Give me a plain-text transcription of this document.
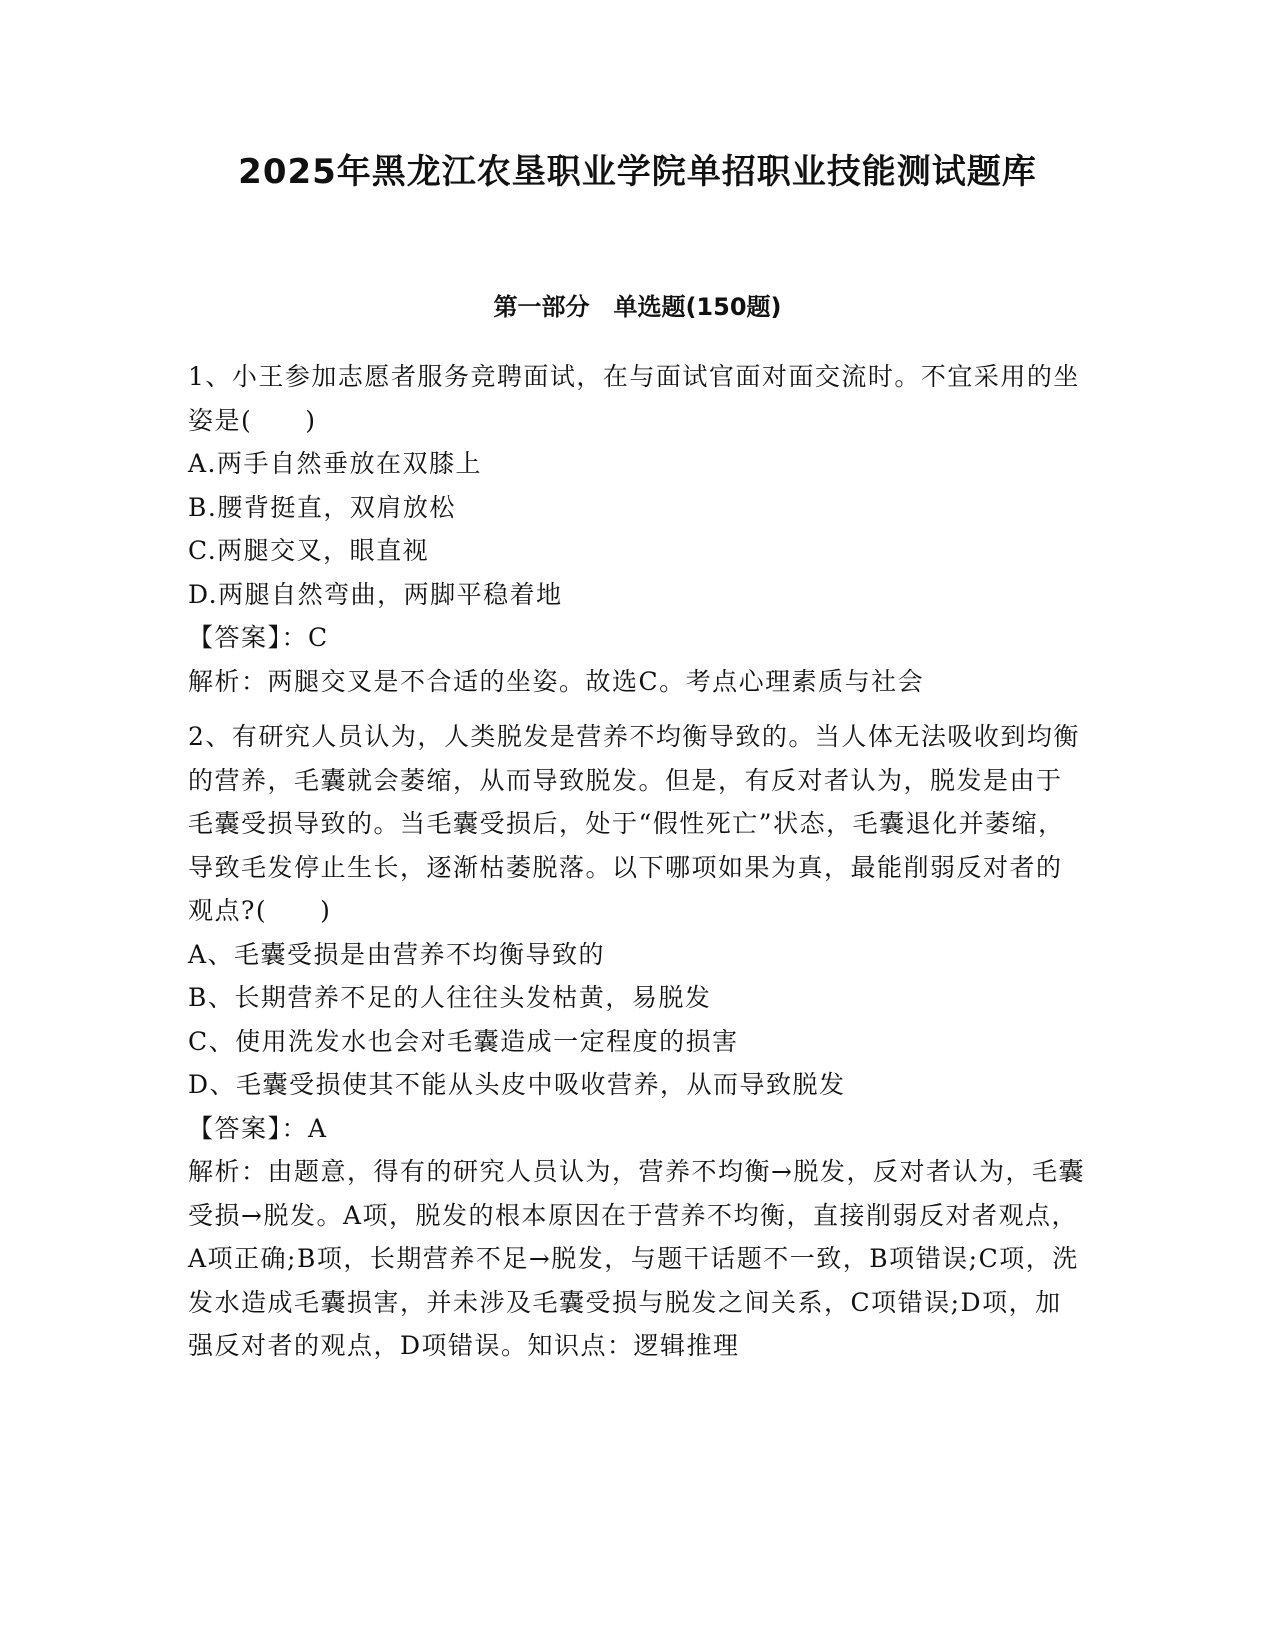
2025年黑龙江农垦职业学院单招职业技能测试题库
第一部分　单选题(150题)
1、小王参加志愿者服务竞聘面试，在与面试官面对面交流时。不宜采用的坐姿是(　　)
A.两手自然垂放在双膝上
B.腰背挺直，双肩放松
C.两腿交叉，眼直视
D.两腿自然弯曲，两脚平稳着地
【答案】：C
解析：两腿交叉是不合适的坐姿。故选C。考点心理素质与社会
2、有研究人员认为，人类脱发是营养不均衡导致的。当人体无法吸收到均衡的营养，毛囊就会萎缩，从而导致脱发。但是，有反对者认为，脱发是由于毛囊受损导致的。当毛囊受损后，处于“假性死亡”状态，毛囊退化并萎缩，导致毛发停止生长，逐渐枯萎脱落。以下哪项如果为真，最能削弱反对者的观点?(　　)
A、毛囊受损是由营养不均衡导致的
B、长期营养不足的人往往头发枯黄，易脱发
C、使用洗发水也会对毛囊造成一定程度的损害
D、毛囊受损使其不能从头皮中吸收营养，从而导致脱发
【答案】：A
解析：由题意，得有的研究人员认为，营养不均衡→脱发，反对者认为，毛囊受损→脱发。A项，脱发的根本原因在于营养不均衡，直接削弱反对者观点，A项正确;B项，长期营养不足→脱发，与题干话题不一致，B项错误;C项，洗发水造成毛囊损害，并未涉及毛囊受损与脱发之间关系，C项错误;D项，加强反对者的观点，D项错误。知识点：逻辑推理
